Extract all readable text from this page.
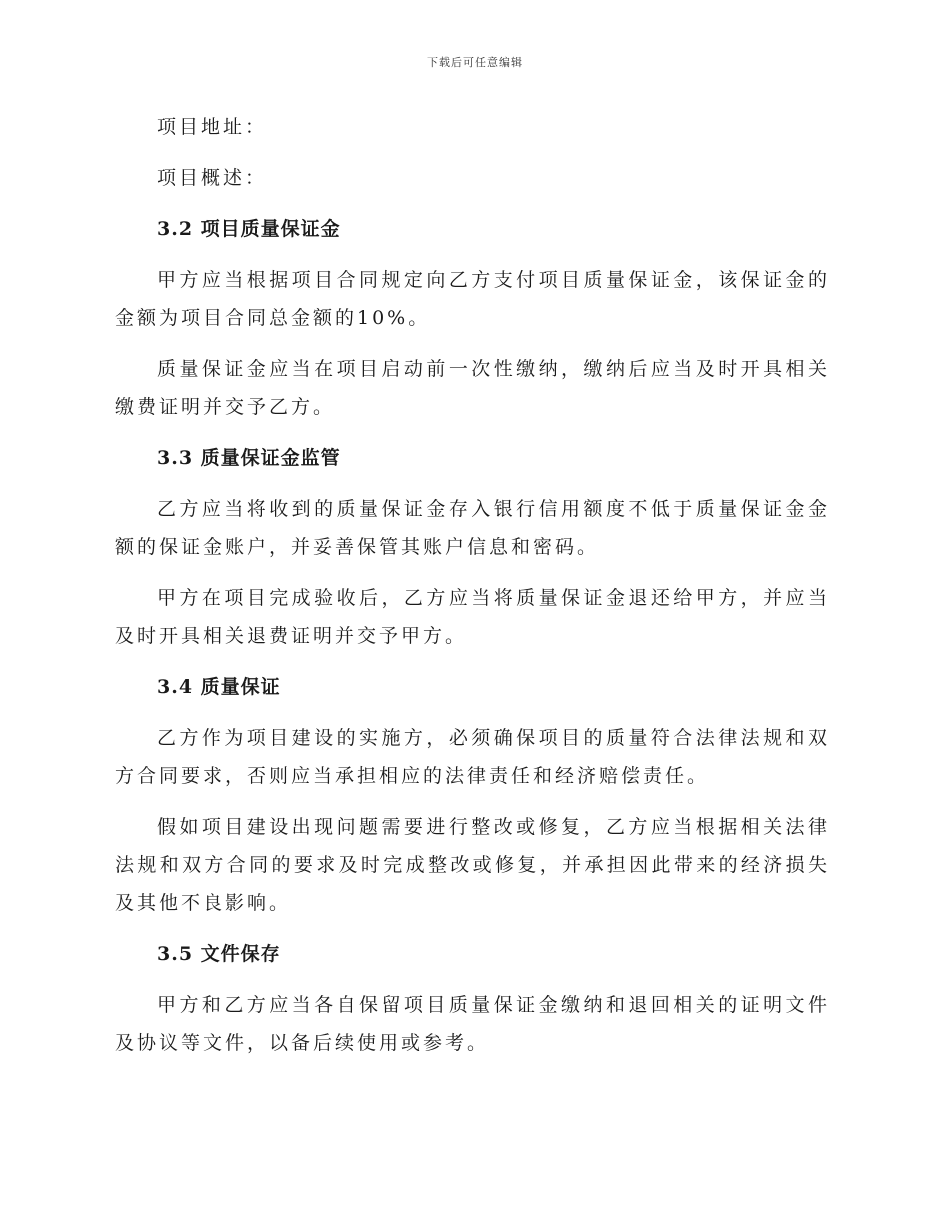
下载后可任意编辑

项目地址：

项目概述：

3.2 项目质量保证金

甲方应当根据项目合同规定向乙方支付项目质量保证金，该保证金的金额为项目合同总金额的10%。

质量保证金应当在项目启动前一次性缴纳，缴纳后应当及时开具相关缴费证明并交予乙方。

3.3 质量保证金监管

乙方应当将收到的质量保证金存入银行信用额度不低于质量保证金金额的保证金账户，并妥善保管其账户信息和密码。

甲方在项目完成验收后，乙方应当将质量保证金退还给甲方，并应当及时开具相关退费证明并交予甲方。

3.4 质量保证

乙方作为项目建设的实施方，必须确保项目的质量符合法律法规和双方合同要求，否则应当承担相应的法律责任和经济赔偿责任。

假如项目建设出现问题需要进行整改或修复，乙方应当根据相关法律法规和双方合同的要求及时完成整改或修复，并承担因此带来的经济损失及其他不良影响。

3.5 文件保存

甲方和乙方应当各自保留项目质量保证金缴纳和退回相关的证明文件及协议等文件，以备后续使用或参考。
